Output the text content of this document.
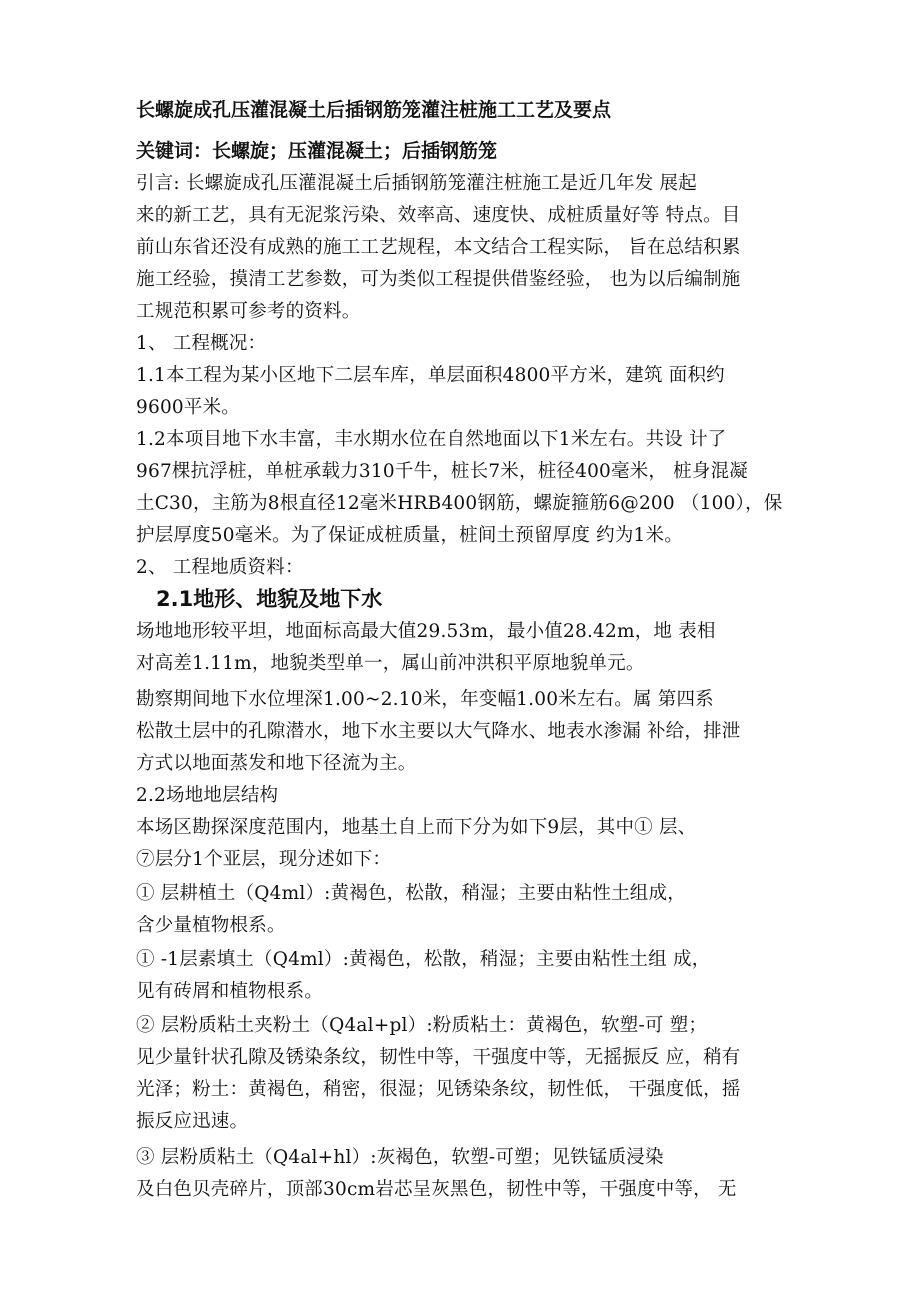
长螺旋成孔压灌混凝土后插钢筋笼灌注桩施工工艺及要点
关键词：长螺旋；压灌混凝土；后插钢筋笼
引言: 长螺旋成孔压灌混凝土后插钢筋笼灌注桩施工是近几年发 展起
来的新工艺，具有无泥浆污染、效率高、速度快、成桩质量好等 特点。目
前山东省还没有成熟的施工工艺规程，本文结合工程实际， 旨在总结积累
施工经验，摸清工艺参数，可为类似工程提供借鉴经验， 也为以后编制施
工规范积累可参考的资料。
1、 工程概况：
1.1本工程为某小区地下二层车库，单层面积4800平方米，建筑 面积约
9600平米。
1.2本项目地下水丰富，丰水期水位在自然地面以下1米左右。共设 计了
967棵抗浮桩，单桩承载力310千牛，桩长7米，桩径400毫米， 桩身混凝
土C30，主筋为8根直径12毫米HRB400钢筋，螺旋箍筋6@200 （100），保
护层厚度50毫米。为了保证成桩质量，桩间土预留厚度 约为1米。
2、 工程地质资料：
2.1地形、地貌及地下水
场地地形较平坦，地面标高最大值29.53m，最小值28.42m，地 表相
对高差1.11m，地貌类型单一，属山前冲洪积平原地貌单元。
勘察期间地下水位埋深1.00~2.10米，年变幅1.00米左右。属 第四系
松散土层中的孔隙潜水，地下水主要以大气降水、地表水渗漏 补给，排泄
方式以地面蒸发和地下径流为主。
2.2场地地层结构
本场区勘探深度范围内，地基土自上而下分为如下9层，其中① 层、
⑦层分1个亚层，现分述如下：
① 层耕植土（Q4ml）:黄褐色，松散，稍湿；主要由粘性土组成，
含少量植物根系。
① -1层素填土（Q4ml）:黄褐色，松散，稍湿；主要由粘性土组 成，
见有砖屑和植物根系。
② 层粉质粘土夹粉土（Q4al+pl）:粉质粘土：黄褐色，软塑-可 塑；
见少量针状孔隙及锈染条纹，韧性中等，干强度中等，无摇振反 应，稍有
光泽；粉土：黄褐色，稍密，很湿；见锈染条纹，韧性低， 干强度低，摇
振反应迅速。
③ 层粉质粘土（Q4al+hl）:灰褐色，软塑-可塑；见铁锰质浸染
及白色贝壳碎片，顶部30cm岩芯呈灰黑色，韧性中等，干强度中等， 无
